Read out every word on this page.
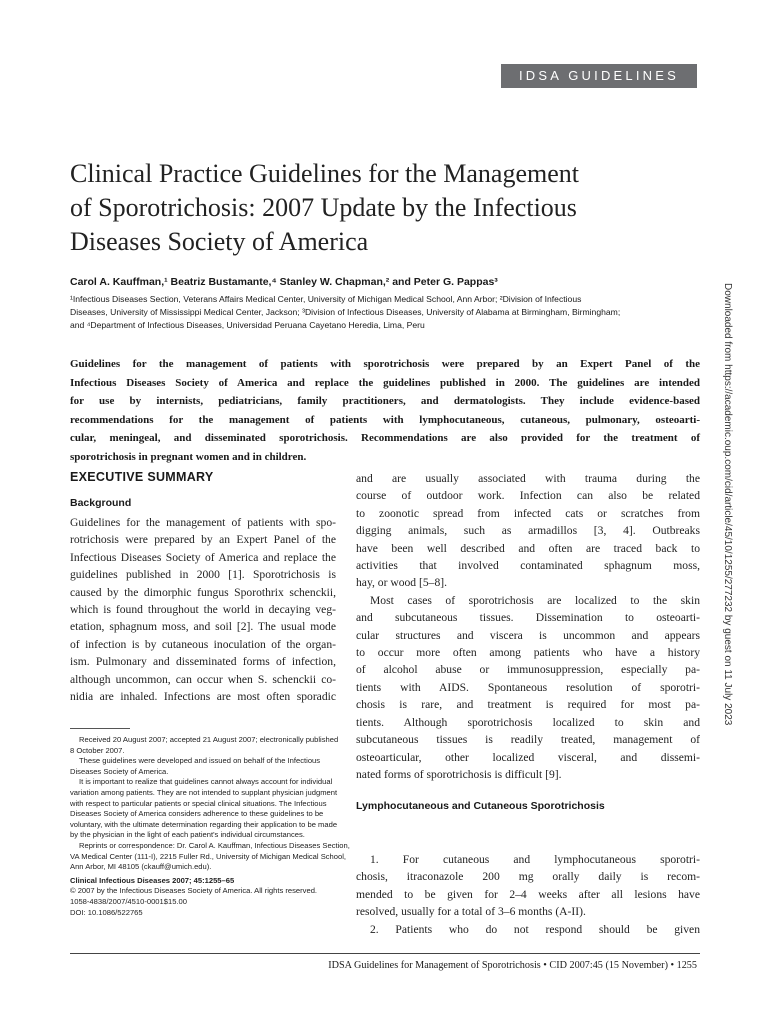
IDSA GUIDELINES
Clinical Practice Guidelines for the Management
of Sporotrichosis: 2007 Update by the Infectious
Diseases Society of America
Carol A. Kauffman,¹ Beatriz Bustamante,⁴ Stanley W. Chapman,² and Peter G. Pappas³
¹Infectious Diseases Section, Veterans Affairs Medical Center, University of Michigan Medical School, Ann Arbor; ²Division of Infectious
Diseases, University of Mississippi Medical Center, Jackson; ³Division of Infectious Diseases, University of Alabama at Birmingham, Birmingham;
and ⁴Department of Infectious Diseases, Universidad Peruana Cayetano Heredia, Lima, Peru
Guidelines for the management of patients with sporotrichosis were prepared by an Expert Panel of the
Infectious Diseases Society of America and replace the guidelines published in 2000. The guidelines are intended
for use by internists, pediatricians, family practitioners, and dermatologists. They include evidence-based
recommendations for the management of patients with lymphocutaneous, cutaneous, pulmonary, osteoarti-
cular, meningeal, and disseminated sporotrichosis. Recommendations are also provided for the treatment of
sporotrichosis in pregnant women and in children.	Downloaded from https://academic.oup.com/cid/article/45/10/1255/277232 by guest on 11 July 2023
EXECUTIVE SUMMARY
Background
Guidelines for the management of patients with spo-
rotrichosis were prepared by an Expert Panel of the
Infectious Diseases Society of America and replace the
guidelines published in 2000 [1]. Sporotrichosis is
caused by the dimorphic fungus Sporothrix schenckii,
which is found throughout the world in decaying veg-
etation, sphagnum moss, and soil [2]. The usual mode
of infection is by cutaneous inoculation of the organ-
ism. Pulmonary and disseminated forms of infection,
although uncommon, can occur when S. schenckii co-
nidia are inhaled. Infections are most often sporadic
Received 20 August 2007; accepted 21 August 2007; electronically published
8 October 2007.
These guidelines were developed and issued on behalf of the Infectious
Diseases Society of America.
It is important to realize that guidelines cannot always account for individual
variation among patients. They are not intended to supplant physician judgment
with respect to particular patients or special clinical situations. The Infectious
Diseases Society of America considers adherence to these guidelines to be
voluntary, with the ultimate determination regarding their application to be made
by the physician in the light of each patient's individual circumstances.
Reprints or correspondence: Dr. Carol A. Kauffman, Infectious Diseases Section,
VA Medical Center (111-I), 2215 Fuller Rd., University of Michigan Medical School,
Ann Arbor, MI 48105 (ckauff@umich.edu).
Clinical Infectious Diseases 2007; 45:1255–65
© 2007 by the Infectious Diseases Society of America. All rights reserved.
1058-4838/2007/4510-0001$15.00
DOI: 10.1086/522765
and are usually associated with trauma during the
course of outdoor work. Infection can also be related
to zoonotic spread from infected cats or scratches from
digging animals, such as armadillos [3, 4]. Outbreaks
have been well described and often are traced back to
activities that involved contaminated sphagnum moss,
hay, or wood [5–8].
Most cases of sporotrichosis are localized to the skin
and subcutaneous tissues. Dissemination to osteoarti-
cular structures and viscera is uncommon and appears
to occur more often among patients who have a history
of alcohol abuse or immunosuppression, especially pa-
tients with AIDS. Spontaneous resolution of sporotri-
chosis is rare, and treatment is required for most pa-
tients. Although sporotrichosis localized to skin and
subcutaneous tissues is readily treated, management of
osteoarticular, other localized visceral, and dissemi-
nated forms of sporotrichosis is difficult [9].
Lymphocutaneous and Cutaneous Sporotrichosis
1. For cutaneous and lymphocutaneous sporotri-
chosis, itraconazole 200 mg orally daily is recom-
mended to be given for 2–4 weeks after all lesions have
resolved, usually for a total of 3–6 months (A-II).
2. Patients who do not respond should be given
IDSA Guidelines for Management of Sporotrichosis • CID 2007:45 (15 November) • 1255
